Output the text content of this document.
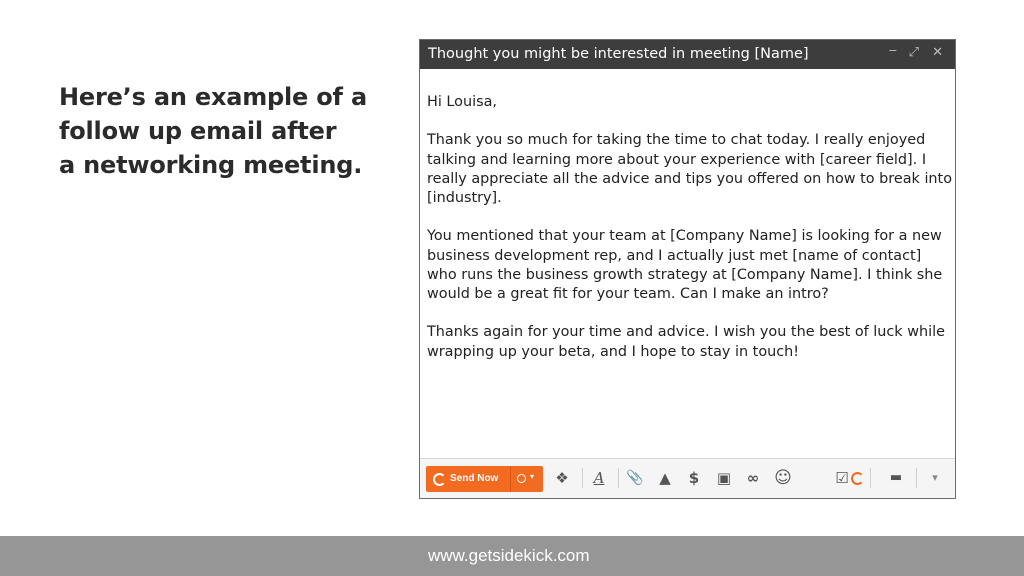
Here’s an example of a
follow up email after
a networking meeting.
Thought you might be interested in meeting [Name]	‒ ⤢ ✕

Hi Louisa,

Thank you so much for taking the time to chat today. I really enjoyed talking and learning more about your experience with [career field]. I really appreciate all the advice and tips you offered on how to break into [industry].

You mentioned that your team at [Company Name] is looking for a new business development rep, and I actually just met [name of contact] who runs the business growth strategy at [Company Name]. I think she would be a great fit for your team. Can I make an intro?

Thanks again for your time and advice. I wish you the best of luck while wrapping up your beta, and I hope to stay in touch!

Send Now	▾ ❖	A	📎 ▲	$	▣ ∞ ☺	☑	▬	▾
www.getsidekick.com
